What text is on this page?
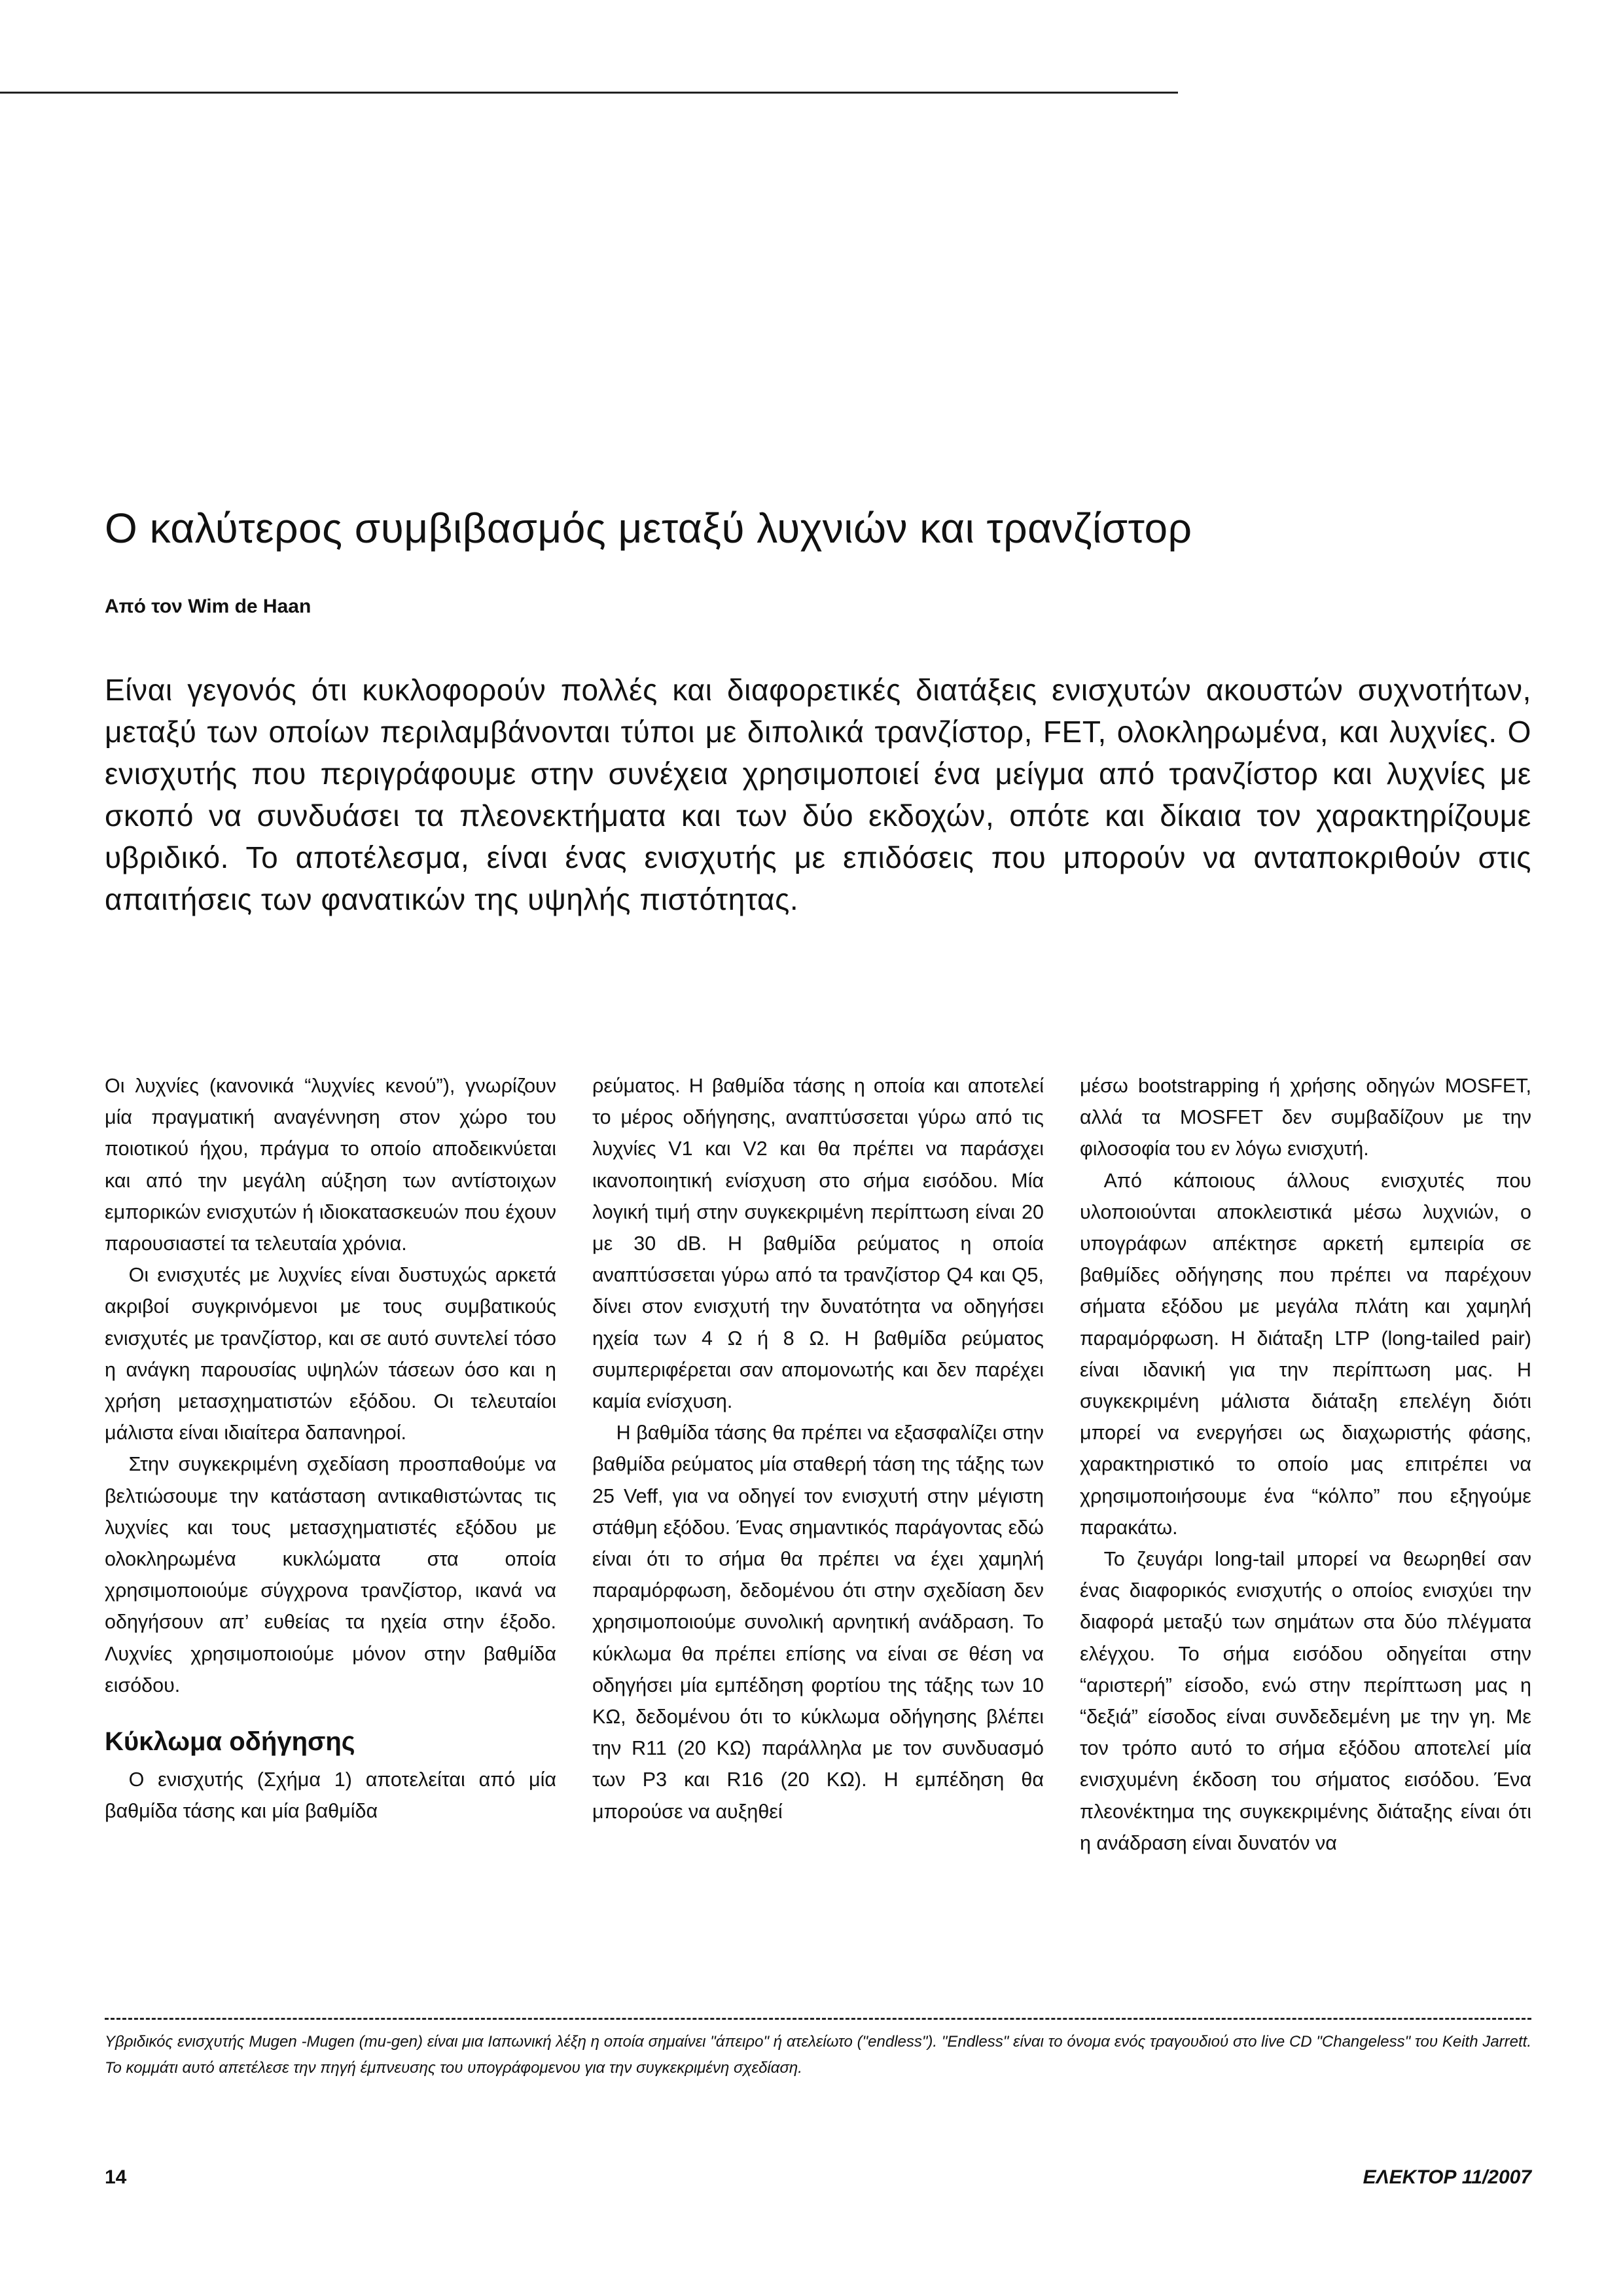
Ο καλύτερος συμβιβασμός μεταξύ λυχνιών και τρανζίστορ

Από τον Wim de Haan

Είναι γεγονός ότι κυκλοφορούν πολλές και διαφορετικές διατάξεις ενισχυτών ακουστών συχνοτήτων, μεταξύ των οποίων περιλαμβάνονται τύποι με διπολικά τρανζίστορ, FET, ολοκληρωμένα, και λυχνίες. Ο ενισχυτής που περιγράφουμε στην συνέχεια χρησιμοποιεί ένα μείγμα από τρανζίστορ και λυχνίες με σκοπό να συνδυάσει τα πλεονεκτήματα και των δύο εκδοχών, οπότε και δίκαια τον χαρακτηρίζουμε υβριδικό. Το αποτέλεσμα, είναι ένας ενισχυτής με επιδόσεις που μπορούν να ανταποκριθούν στις απαιτήσεις των φανατικών της υψηλής πιστότητας.

Οι λυχνίες (κανονικά “λυχνίες κενού”), γνωρίζουν μία πραγματική αναγέννηση στον χώρο του ποιοτικού ήχου, πράγμα το οποίο αποδεικνύεται και από την μεγάλη αύξηση των αντίστοιχων εμπορικών ενισχυτών ή ιδιοκατασκευών που έχουν παρουσιαστεί τα τελευταία χρόνια.

Οι ενισχυτές με λυχνίες είναι δυστυχώς αρκετά ακριβοί συγκρινόμενοι με τους συμβατικούς ενισχυτές με τρανζίστορ, και σε αυτό συντελεί τόσο η ανάγκη παρουσίας υψηλών τάσεων όσο και η χρήση μετασχηματιστών εξόδου. Οι τελευταίοι μάλιστα είναι ιδιαίτερα δαπανηροί.

Στην συγκεκριμένη σχεδίαση προσπαθούμε να βελτιώσουμε την κατάσταση αντικαθιστώντας τις λυχνίες και τους μετασχηματιστές εξόδου με ολοκληρωμένα κυκλώματα στα οποία χρησιμοποιούμε σύγχρονα τρανζίστορ, ικανά να οδηγήσουν απ’ ευθείας τα ηχεία στην έξοδο. Λυχνίες χρησιμοποιούμε μόνον στην βαθμίδα εισόδου.

Κύκλωμα οδήγησης

Ο ενισχυτής (Σχήμα 1) αποτελείται από μία βαθμίδα τάσης και μία βαθμίδα

ρεύματος. Η βαθμίδα τάσης η οποία και αποτελεί το μέρος οδήγησης, αναπτύσσεται γύρω από τις λυχνίες V1 και V2 και θα πρέπει να παράσχει ικανοποιητική ενίσχυση στο σήμα εισόδου. Μία λογική τιμή στην συγκεκριμένη περίπτωση είναι 20 με 30 dB. Η βαθμίδα ρεύματος η οποία αναπτύσσεται γύρω από τα τρανζίστορ Q4 και Q5, δίνει στον ενισχυτή την δυνατότητα να οδηγήσει ηχεία των 4 Ω ή 8 Ω. Η βαθμίδα ρεύματος συμπεριφέρεται σαν απομονωτής και δεν παρέχει καμία ενίσχυση.

Η βαθμίδα τάσης θα πρέπει να εξασφαλίζει στην βαθμίδα ρεύματος μία σταθερή τάση της τάξης των 25 Veff, για να οδηγεί τον ενισχυτή στην μέγιστη στάθμη εξόδου. Ένας σημαντικός παράγοντας εδώ είναι ότι το σήμα θα πρέπει να έχει χαμηλή παραμόρφωση, δεδομένου ότι στην σχεδίαση δεν χρησιμοποιούμε συνολική αρνητική ανάδραση. Το κύκλωμα θα πρέπει επίσης να είναι σε θέση να οδηγήσει μία εμπέδηση φορτίου της τάξης των 10 KΩ, δεδομένου ότι το κύκλωμα οδήγησης βλέπει την R11 (20 KΩ) παράλληλα με τον συνδυασμό των P3 και R16 (20 KΩ). Η εμπέδηση θα μπορούσε να αυξηθεί

μέσω bootstrapping ή χρήσης οδηγών MOSFET, αλλά τα MOSFET δεν συμβαδίζουν με την φιλοσοφία του εν λόγω ενισχυτή.

Από κάποιους άλλους ενισχυτές που υλοποιούνται αποκλειστικά μέσω λυχνιών, ο υπογράφων απέκτησε αρκετή εμπειρία σε βαθμίδες οδήγησης που πρέπει να παρέχουν σήματα εξόδου με μεγάλα πλάτη και χαμηλή παραμόρφωση. Η διάταξη LTP (long-tailed pair) είναι ιδανική για την περίπτωση μας. Η συγκεκριμένη μάλιστα διάταξη επελέγη διότι μπορεί να ενεργήσει ως διαχωριστής φάσης, χαρακτηριστικό το οποίο μας επιτρέπει να χρησιμοποιήσουμε ένα “κόλπο” που εξηγούμε παρακάτω.

Το ζευγάρι long-tail μπορεί να θεωρηθεί σαν ένας διαφορικός ενισχυτής ο οποίος ενισχύει την διαφορά μεταξύ των σημάτων στα δύο πλέγματα ελέγχου. Το σήμα εισόδου οδηγείται στην “αριστερή” είσοδο, ενώ στην περίπτωση μας η “δεξιά” είσοδος είναι συνδεδεμένη με την γη. Με τον τρόπο αυτό το σήμα εξόδου αποτελεί μία ενισχυμένη έκδοση του σήματος εισόδου. Ένα πλεονέκτημα της συγκεκριμένης διάταξης είναι ότι η ανάδραση είναι δυνατόν να

Υβριδικός ενισχυτής Mugen -Mugen (mu-gen) είναι μια Ιαπωνική λέξη η οποία σημαίνει "άπειρο" ή ατελείωτο ("endless"). "Endless" είναι το όνομα ενός τραγουδιού στο live CD "Changeless" του Keith Jarrett. Το κομμάτι αυτό απετέλεσε την πηγή έμπνευσης του υπογράφομενου για την συγκεκριμένη σχεδίαση.

14	ΕΛΕΚΤΟΡ 11/2007
